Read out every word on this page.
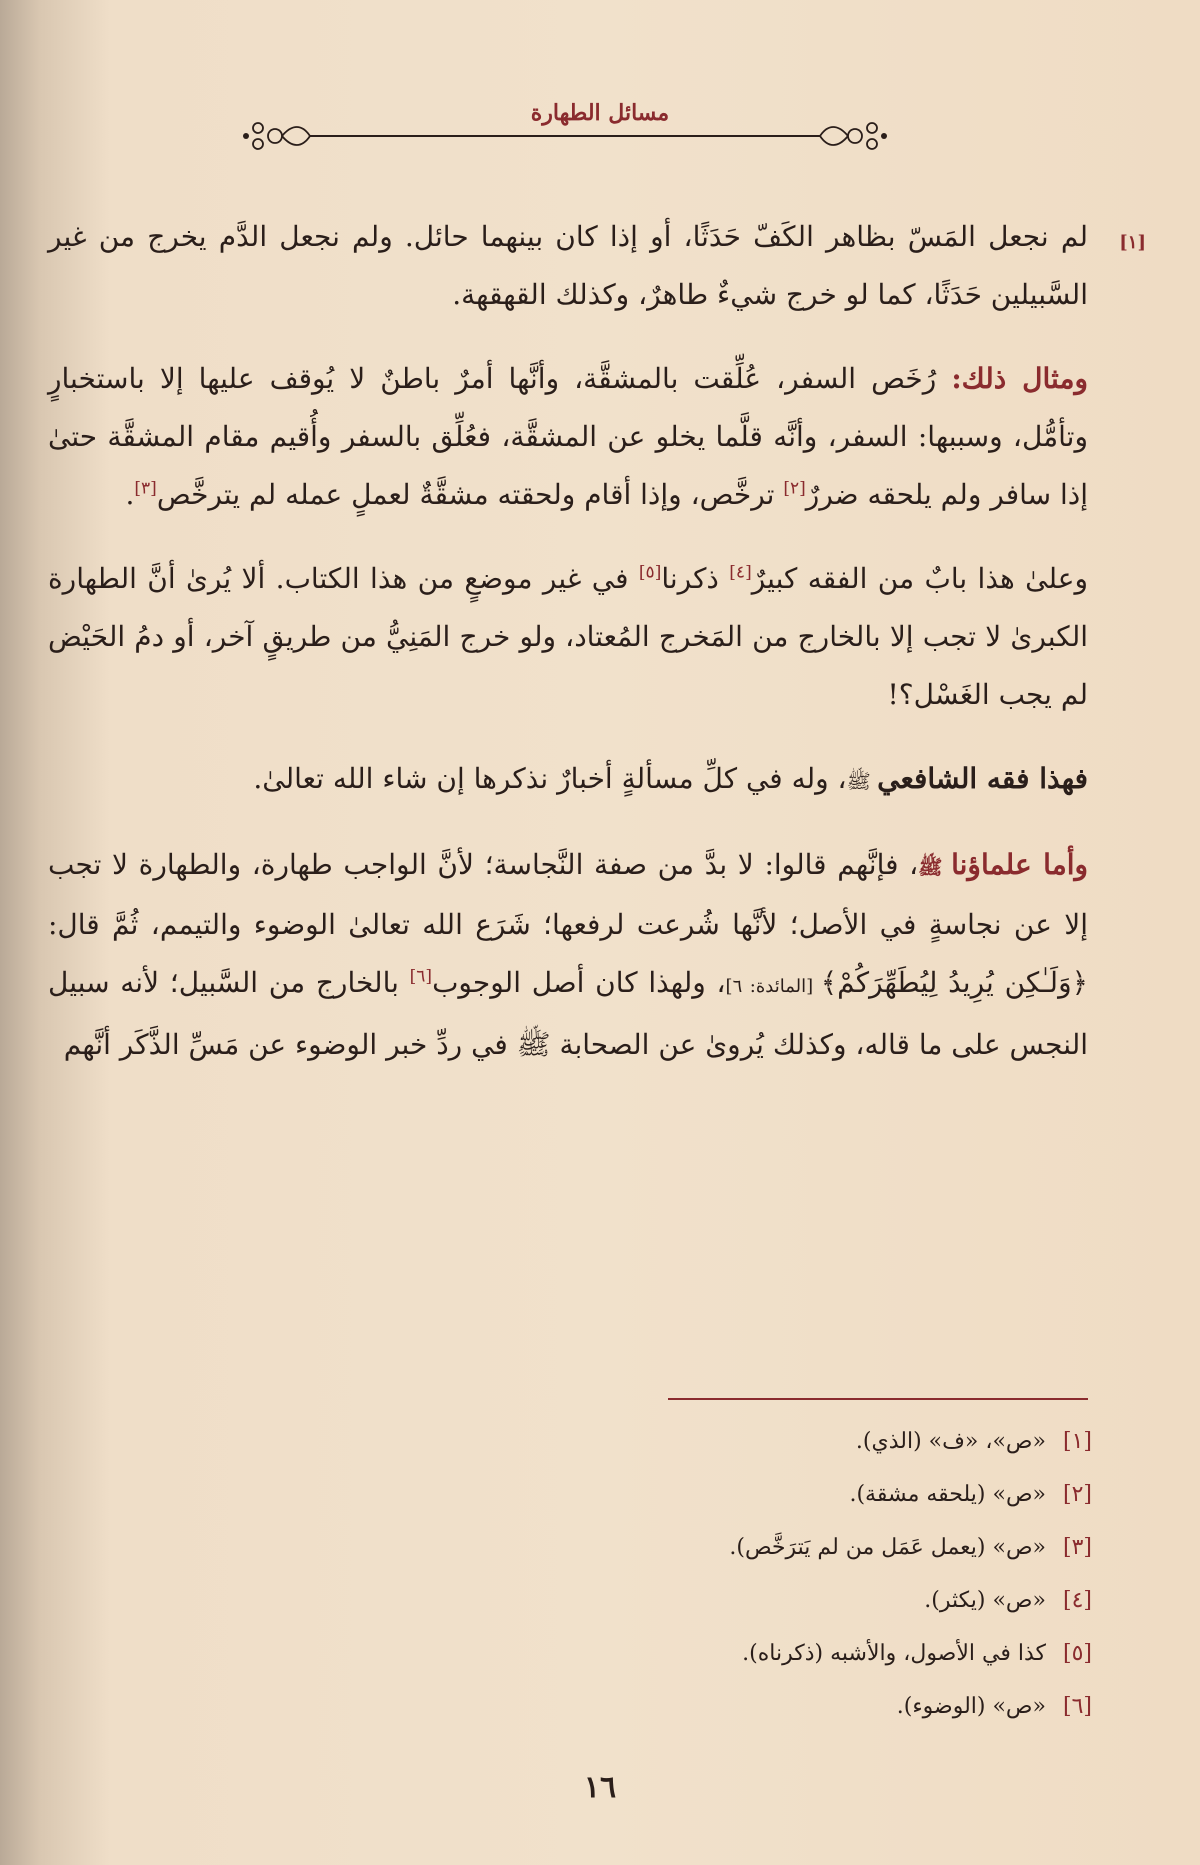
مسائل الطهارة

[١]
لم نجعل المَسّ بظاهر الكَفّ حَدَثًا، أو إذا كان بينهما حائل. ولم نجعل الدَّم يخرج من غير السَّبيلين حَدَثًا، كما لو خرج شيءٌ طاهرٌ، وكذلك القهقهة.

ومثال ذلك: رُخَص السفر، عُلِّقت بالمشقَّة، وأنَّها أمرٌ باطنٌ لا يُوقف عليها إلا باستخبارٍ وتأمُّل، وسببها: السفر، وأنَّه قلَّما يخلو عن المشقَّة، فعُلِّق بالسفر وأُقيم مقام المشقَّة حتىٰ إذا سافر ولم يلحقه ضررٌ[٢] ترخَّص، وإذا أقام ولحقته مشقَّةٌ لعملٍ عمله لم يترخَّص[٣].

وعلىٰ هذا بابٌ من الفقه كبيرٌ[٤] ذكرنا[٥] في غير موضعٍ من هذا الكتاب. ألا يُرىٰ أنَّ الطهارة الكبرىٰ لا تجب إلا بالخارج من المَخرج المُعتاد، ولو خرج المَنِيُّ من طريقٍ آخر، أو دمُ الحَيْض لم يجب الغَسْل؟!

فهذا فقه الشافعي ﷺ، وله في كلِّ مسألةٍ أخبارٌ نذكرها إن شاء الله تعالىٰ.

وأما علماؤنا ﷺ، فإنَّهم قالوا: لا بدَّ من صفة النَّجاسة؛ لأنَّ الواجب طهارة، والطهارة لا تجب إلا عن نجاسةٍ في الأصل؛ لأنَّها شُرعت لرفعها؛ شَرَع الله تعالىٰ الوضوء والتيمم، ثُمَّ قال: ﴿وَلَـٰكِن يُرِيدُ لِيُطَهِّرَكُمْ﴾ [المائدة: ٦]، ولهذا كان أصل الوجوب[٦] بالخارج من السَّبيل؛ لأنه سبيل النجس على ما قاله، وكذلك يُروىٰ عن الصحابة ﷺ في ردِّ خبر الوضوء عن مَسِّ الذَّكَر أنَّهم

[١]«ص»، «ف» (الذي).
[٢]«ص» (يلحقه مشقة).
[٣]«ص» (يعمل عَمَل من لم يَترَخَّص).
[٤]«ص» (يكثر).
[٥]كذا في الأصول، والأشبه (ذكرناه).
[٦]«ص» (الوضوء).
١٦
